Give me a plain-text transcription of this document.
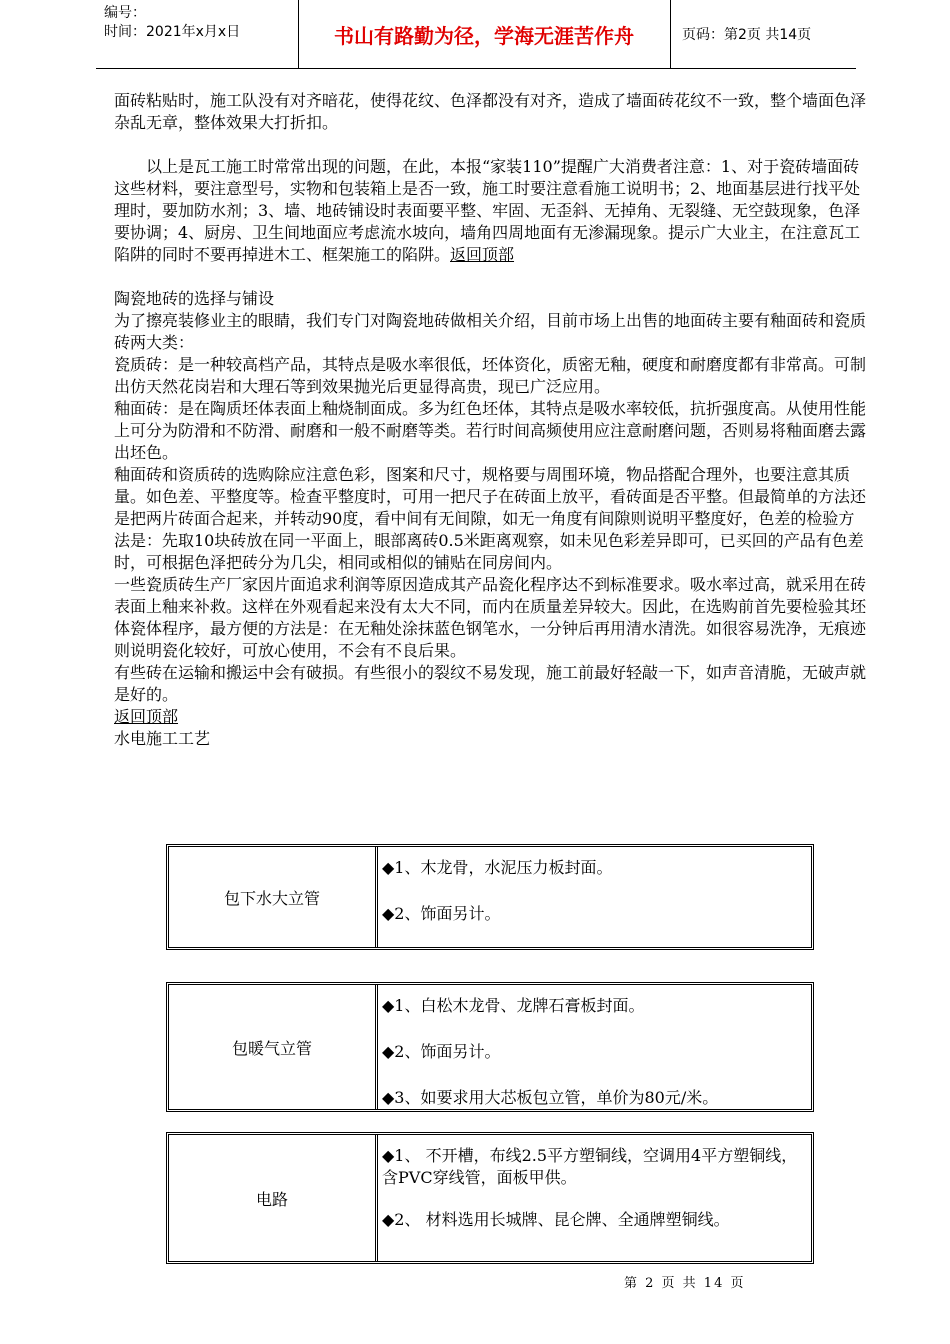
编号：
时间：2021年x月x日	书山有路勤为径，学海无涯苦作舟	页码：第2页 共14页

面砖粘贴时，施工队没有对齐暗花，使得花纹、色泽都没有对齐，造成了墙面砖花纹不一致，整个墙面色泽杂乱无章，整体效果大打折扣。

以上是瓦工施工时常常出现的问题，在此，本报“家装110”提醒广大消费者注意：1、对于瓷砖墙面砖这些材料，要注意型号，实物和包装箱上是否一致，施工时要注意看施工说明书；2、地面基层进行找平处理时，要加防水剂；3、墙、地砖铺设时表面要平整、牢固、无歪斜、无掉角、无裂缝、无空鼓现象，色泽要协调；4、厨房、卫生间地面应考虑流水坡向，墙角四周地面有无渗漏现象。提示广大业主，在注意瓦工陷阱的同时不要再掉进木工、框架施工的陷阱。返回顶部

陶瓷地砖的选择与铺设

为了擦亮装修业主的眼睛，我们专门对陶瓷地砖做相关介绍，目前市场上出售的地面砖主要有釉面砖和瓷质砖两大类：

瓷质砖：是一种较高档产品，其特点是吸水率很低，坯体资化，质密无釉，硬度和耐磨度都有非常高。可制出仿天然花岗岩和大理石等到效果抛光后更显得高贵，现已广泛应用。

釉面砖：是在陶质坯体表面上釉烧制面成。多为红色坯体，其特点是吸水率较低，抗折强度高。从使用性能上可分为防滑和不防滑、耐磨和一般不耐磨等类。若行时间高频使用应注意耐磨问题，否则易将釉面磨去露出坯色。

釉面砖和资质砖的选购除应注意色彩，图案和尺寸，规格要与周围环境，物品搭配合理外，也要注意其质量。如色差、平整度等。检查平整度时，可用一把尺子在砖面上放平，看砖面是否平整。但最简单的方法还是把两片砖面合起来，并转动90度，看中间有无间隙，如无一角度有间隙则说明平整度好，色差的检验方法是：先取10块砖放在同一平面上，眼部离砖0.5米距离观察，如未见色彩差异即可，已买回的产品有色差时，可根据色泽把砖分为几尖，相同或相似的铺贴在同房间内。

一些瓷质砖生产厂家因片面追求利润等原因造成其产品瓷化程序达不到标准要求。吸水率过高，就采用在砖表面上釉来补救。这样在外观看起来没有太大不同，而内在质量差异较大。因此，在选购前首先要检验其坯体瓷体程序，最方便的方法是：在无釉处涂抹蓝色钢笔水，一分钟后再用清水清洗。如很容易洗净，无痕迹则说明瓷化较好，可放心使用，不会有不良后果。

有些砖在运输和搬运中会有破损。有些很小的裂纹不易发现，施工前最好轻敲一下，如声音清脆，无破声就是好的。

返回顶部

水电施工工艺

包下水大立管
◆1、木龙骨，水泥压力板封面。
◆2、饰面另计。
包暖气立管
◆1、白松木龙骨、龙牌石膏板封面。
◆2、饰面另计。
◆3、如要求用大芯板包立管，单价为80元/米。
电路
◆1、 不开槽，布线2.5平方塑铜线，空调用4平方塑铜线，含PVC穿线管，面板甲供。
◆2、 材料选用长城牌、昆仑牌、全通牌塑铜线。
第 2 页 共 14 页
